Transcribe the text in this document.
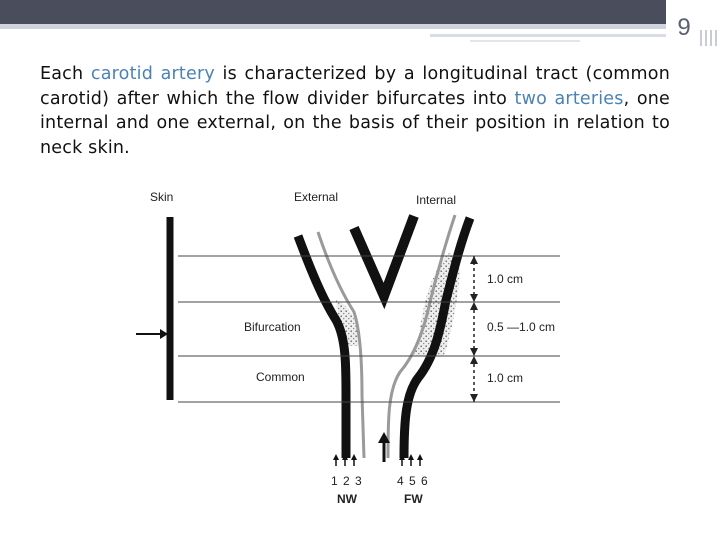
9
Each carotid artery is characterized by a longitudinal tract (common carotid) after which the flow divider bifurcates into two arteries, one internal and one external, on the basis of their position in relation to neck skin.
Skin	External	Internal
Bifurcation
Common
1.0 cm
0.5 —1.0 cm
1.0 cm
1 2 3	4 5 6
NW	FW
